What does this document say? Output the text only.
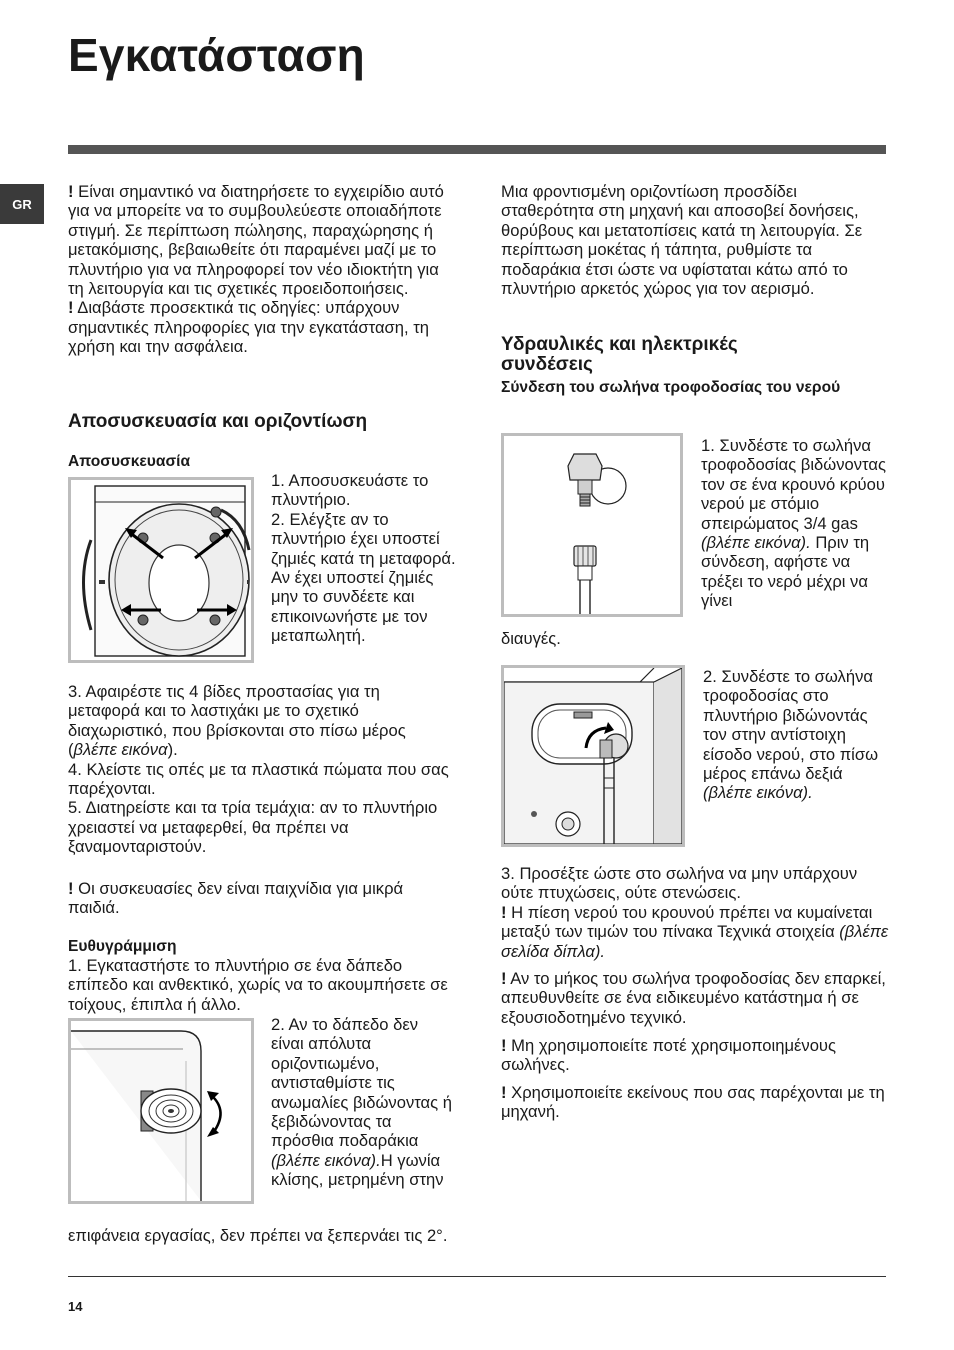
Εγκατάσταση
GR

! Είναι σημαντικό να διατηρήσετε το εγχειρίδιο αυτό για να μπορείτε να το συμβουλεύεστε οποιαδήποτε στιγμή. Σε περίπτωση πώλησης, παραχώρησης ή μετακόμισης, βεβαιωθείτε ότι παραμένει μαζί με το πλυντήριο για να πληροφορεί τον νέο ιδιοκτήτη για τη λειτουργία και τις σχετικές προειδοποιήσεις.

! Διαβάστε προσεκτικά τις οδηγίες: υπάρχουν σημαντικές πληροφορίες για την εγκατάσταση, τη χρήση και την ασφάλεια.

Αποσυσκευασία και οριζοντίωση
Αποσυσκευασία

1. Αποσυσκευάστε το πλυντήριο.

2. Ελέγξτε αν το πλυντήριο έχει υποστεί ζημιές κατά τη μεταφορά. Αν έχει υποστεί ζημιές μην το συνδέετε και επικοινωνήστε με τον μεταπωλητή.

3. Αφαιρέστε τις 4 βίδες προστασίας για τη μεταφορά και το λαστιχάκι με το σχετικό διαχωριστικό, που βρίσκονται στο πίσω μέρος (βλέπε εικόνα).

4. Κλείστε τις οπές με τα πλαστικά πώματα που σας παρέχονται.

5. Διατηρείστε και τα τρία τεμάχια: αν το πλυντήριο χρειαστεί να μεταφερθεί, θα πρέπει να ξαναμονταριστούν.

! Οι συσκευασίες δεν είναι παιχνίδια για μικρά παιδιά.

Ευθυγράμμιση
1. Εγκαταστήστε το πλυντήριο σε ένα δάπεδο επίπεδο και ανθεκτικό, χωρίς να το ακουμπήσετε σε τοίχους, έπιπλα ή άλλο.

2. Αν το δάπεδο δεν είναι απόλυτα οριζοντιωμένο, αντισταθμίστε τις ανωμαλίες βιδώνοντας ή ξεβιδώνοντας τα πρόσθια ποδαράκια (βλέπε εικόνα).Η γωνία κλίσης, μετρημένη στην

επιφάνεια εργασίας, δεν πρέπει να ξεπερνάει τις 2°.
Μια φροντισμένη οριζοντίωση προσδίδει σταθερότητα στη μηχανή και αποσοβεί δονήσεις, θορύβους και μετατοπίσεις κατά τη λειτουργία. Σε περίπτωση μοκέτας ή τάπητα, ρυθμίστε τα ποδαράκια έτσι ώστε να υφίσταται κάτω από το πλυντήριο αρκετός χώρος για τον αερισμό.
Υδραυλικές και ηλεκτρικές
συνδέσεις
Σύνδεση του σωλήνα τροφοδοσίας του νερού

1. Συνδέστε το σωλήνα τροφοδοσίας βιδώνοντας τον σε ένα κρουνό κρύου νερού με στόμιο σπειρώματος 3/4 gas (βλέπε εικόνα). Πριν τη σύνδεση, αφήστε να τρέξει το νερό μέχρι να γίνει

διαυγές.

2. Συνδέστε το σωλήνα τροφοδοσίας στο πλυντήριο βιδώνοντάς τον στην αντίστοιχη είσοδο νερού, στο πίσω μέρος επάνω δεξιά (βλέπε εικόνα).

3. Προσέξτε ώστε στο σωλήνα να μην υπάρχουν ούτε πτυχώσεις, ούτε στενώσεις.

! Η πίεση νερού του κρουνού πρέπει να κυμαίνεται μεταξύ των τιμών του πίνακα Τεχνικά στοιχεία (βλέπε σελίδα δίπλα).

! Αν το μήκος του σωλήνα τροφοδοσίας δεν επαρκεί, απευθυνθείτε σε ένα ειδικευμένο κατάστημα ή σε εξουσιοδοτημένο τεχνικό.

! Μη χρησιμοποιείτε ποτέ χρησιμοποιημένους σωλήνες.

! Χρησιμοποιείτε εκείνους που σας παρέχονται με τη μηχανή.

14
